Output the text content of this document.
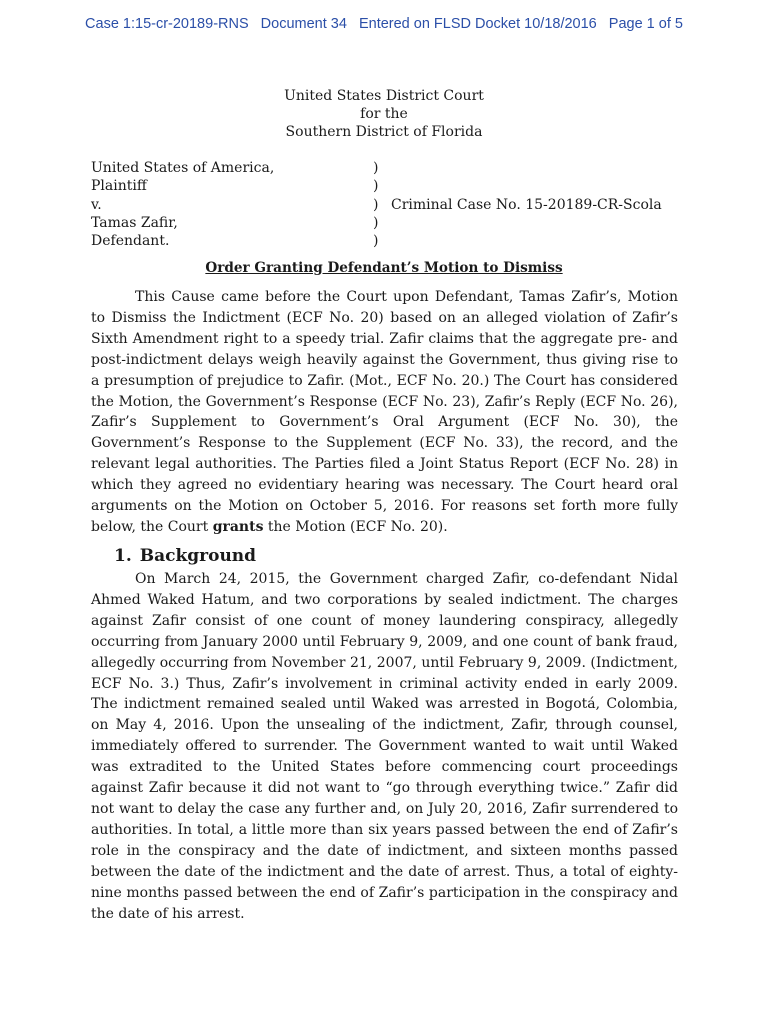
Case 1:15-cr-20189-RNS Document 34 Entered on FLSD Docket 10/18/2016 Page 1 of 5
United States District Court
for the
Southern District of Florida
United States of America,
Plaintiff
v.
Tamas Zafir,
Defendant.
)
)
)
)
)
Criminal Case No. 15-20189-CR-Scola
Order Granting Defendant’s Motion to Dismiss

This Cause came before the Court upon Defendant, Tamas Zafir’s, Motion to Dismiss the Indictment (ECF No. 20) based on an alleged violation of Zafir’s Sixth Amendment right to a speedy trial. Zafir claims that the aggregate pre- and post-indictment delays weigh heavily against the Government, thus giving rise to a presumption of prejudice to Zafir. (Mot., ECF No. 20.) The Court has considered the Motion, the Government’s Response (ECF No. 23), Zafir’s Reply (ECF No. 26), Zafir’s Supplement to Government’s Oral Argument (ECF No. 30), the Government’s Response to the Supplement (ECF No. 33), the record, and the relevant legal authorities. The Parties filed a Joint Status Report (ECF No. 28) in which they agreed no evidentiary hearing was necessary. The Court heard oral arguments on the Motion on October 5, 2016. For reasons set forth more fully below, the Court grants the Motion (ECF No. 20).

1. Background

On March 24, 2015, the Government charged Zafir, co-defendant Nidal Ahmed Waked Hatum, and two corporations by sealed indictment. The charges against Zafir consist of one count of money laundering conspiracy, allegedly occurring from January 2000 until February 9, 2009, and one count of bank fraud, allegedly occurring from November 21, 2007, until February 9, 2009. (Indictment, ECF No. 3.) Thus, Zafir’s involvement in criminal activity ended in early 2009. The indictment remained sealed until Waked was arrested in Bogotá, Colombia, on May 4, 2016. Upon the unsealing of the indictment, Zafir, through counsel, immediately offered to surrender. The Government wanted to wait until Waked was extradited to the United States before commencing court proceedings against Zafir because it did not want to “go through everything twice.” Zafir did not want to delay the case any further and, on July 20, 2016, Zafir surrendered to authorities. In total, a little more than six years passed between the end of Zafir’s role in the conspiracy and the date of indictment, and sixteen months passed between the date of the indictment and the date of arrest. Thus, a total of eighty-nine months passed between the end of Zafir’s participation in the conspiracy and the date of his arrest.
